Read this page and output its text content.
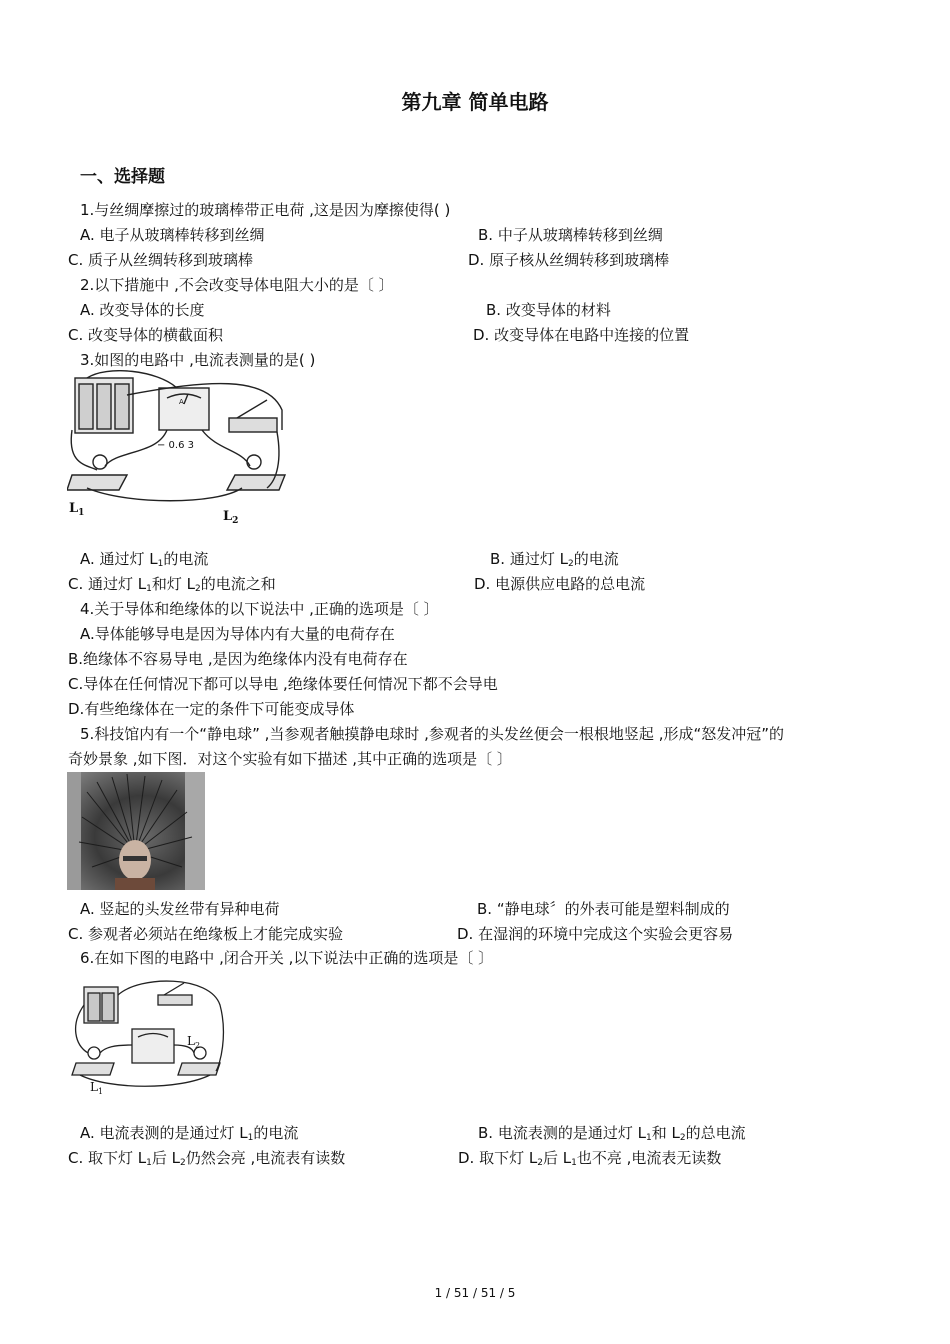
第九章 简单电路
一、选择题
1.与丝绸摩擦过的玻璃棒带正电荷 ,这是因为摩擦使得( )
A. 电子从玻璃棒转移到丝绸	B. 中子从玻璃棒转移到丝绸
C. 质子从丝绸转移到玻璃棒	D. 原子核从丝绸转移到玻璃棒
2.以下措施中 ,不会改变导体电阻大小的是〔 〕
A. 改变导体的长度	B. 改变导体的材料
C. 改变导体的横截面积	D. 改变导体在电路中连接的位置
3.如图的电路中 ,电流表测量的是( )
− 0.6 3
A
$L_1$	$L_2$
A. 通过灯 $L_1$的电流	B. 通过灯 $L_2$的电流
C. 通过灯 $L_1$和灯 $L_2$的电流之和	D. 电源供应电路的总电流
4.关于导体和绝缘体的以下说法中 ,正确的选项是〔 〕
A.导体能够导电是因为导体内有大量的电荷存在
B.绝缘体不容易导电 ,是因为绝缘体内没有电荷存在
C.导体在任何情况下都可以导电 ,绝缘体要任何情况下都不会导电
D.有些绝缘体在一定的条件下可能变成导体
5.科技馆内有一个“静电球” ,当参观者触摸静电球时 ,参观者的头发丝便会一根根地竖起 ,形成“怒发冲冠”的
奇妙景象 ,如下图．对这个实验有如下描述 ,其中正确的选项是〔 〕
A. 竖起的头发丝带有异种电荷	B. “静电球〞的外表可能是塑料制成的
C. 参观者必须站在绝缘板上才能完成实验	D. 在湿润的环境中完成这个实验会更容易
6.在如下图的电路中 ,闭合开关 ,以下说法中正确的选项是〔 〕
$L_2$
$L_1$
A. 电流表测的是通过灯 $L_1$的电流	B. 电流表测的是通过灯 $L_1$和 $L_2$的总电流
C. 取下灯 $L_1$后 $L_2$仍然会亮 ,电流表有读数	D. 取下灯 $L_2$后 $L_1$也不亮 ,电流表无读数
1 / 51 / 51 / 5
